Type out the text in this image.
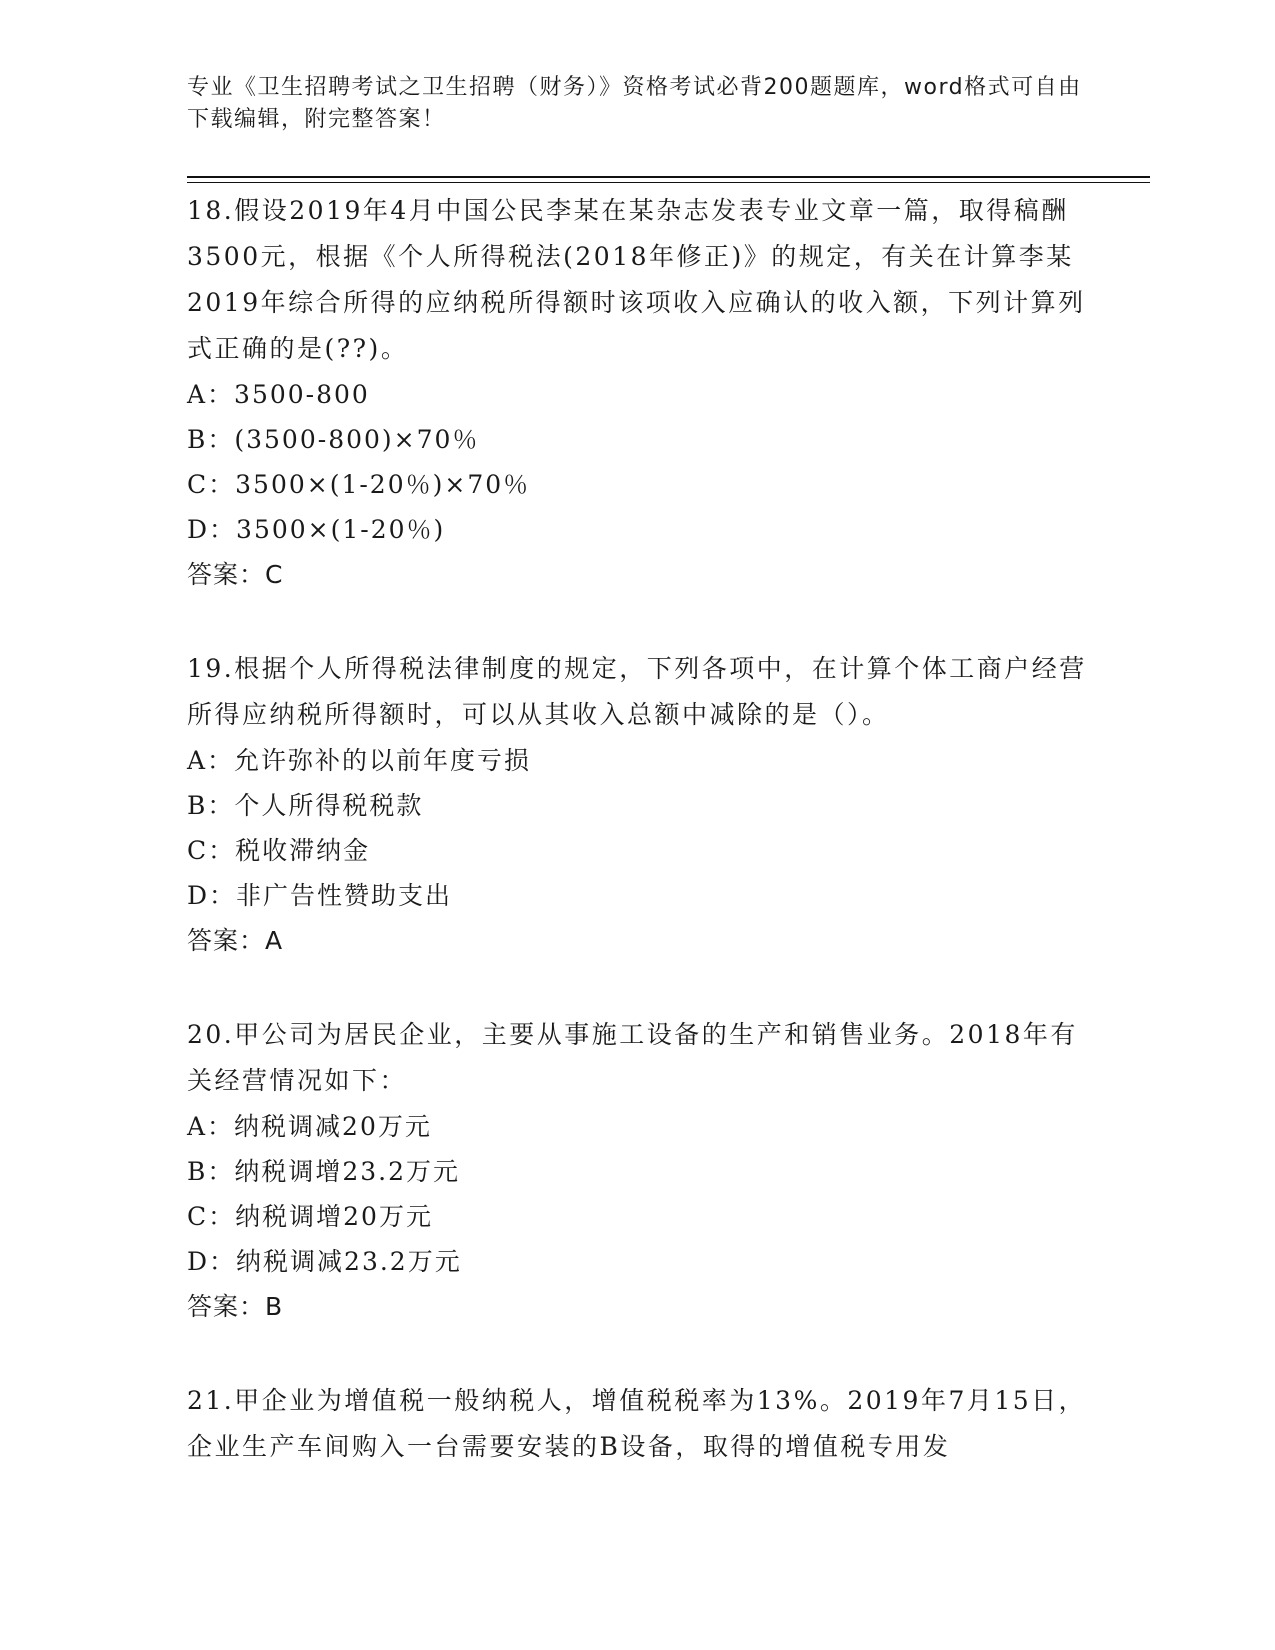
专业《卫生招聘考试之卫生招聘（财务）》资格考试必背200题题库，word格式可自由下载编辑，附完整答案！

18.假设2019年4月中国公民李某在某杂志发表专业文章一篇，取得稿酬3500元，根据《个人所得税法(2018年修正)》的规定，有关在计算李某2019年综合所得的应纳税所得额时该项收入应确认的收入额，下列计算列式正确的是(??)。

A：3500-800
B：(3500-800)×70％
C：3500×(1-20％)×70％
D：3500×(1-20％)
答案：C

19.根据个人所得税法律制度的规定，下列各项中，在计算个体工商户经营所得应纳税所得额时，可以从其收入总额中减除的是（）。

A：允许弥补的以前年度亏损
B：个人所得税税款
C：税收滞纳金
D：非广告性赞助支出
答案：A

20.甲公司为居民企业，主要从事施工设备的生产和销售业务。2018年有关经营情况如下：

A：纳税调减20万元
B：纳税调增23.2万元
C：纳税调增20万元
D：纳税调减23.2万元
答案：B

21.甲企业为增值税一般纳税人，增值税税率为13%。2019年7月15日，企业生产车间购入一台需要安装的B设备，取得的增值税专用发
